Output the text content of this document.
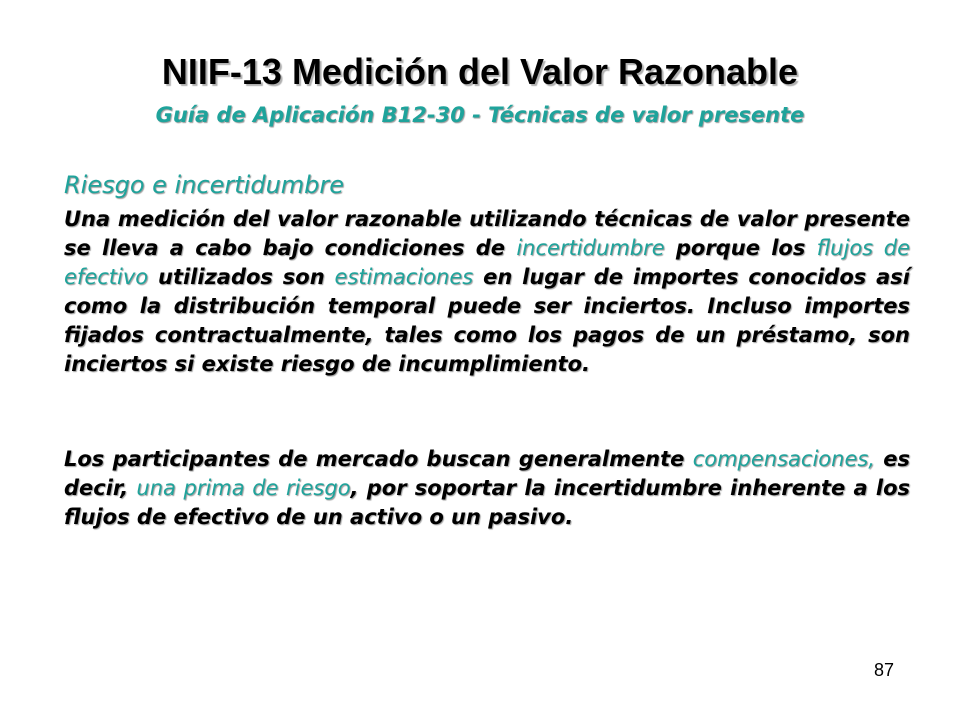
NIIF-13 Medición del Valor Razonable
Guía de Aplicación B12-30 - Técnicas de valor presente
Riesgo e incertidumbre
Una medición del valor razonable utilizando técnicas de valor presente se lleva a cabo bajo condiciones de incertidumbre porque los flujos de efectivo utilizados son estimaciones en lugar de importes conocidos así como la distribución temporal puede ser inciertos. Incluso importes fijados contractualmente, tales como los pagos de un préstamo, son inciertos si existe riesgo de incumplimiento.
Los participantes de mercado buscan generalmente compensaciones, es decir, una prima de riesgo, por soportar la incertidumbre inherente a los flujos de efectivo de un activo o un pasivo.
87
